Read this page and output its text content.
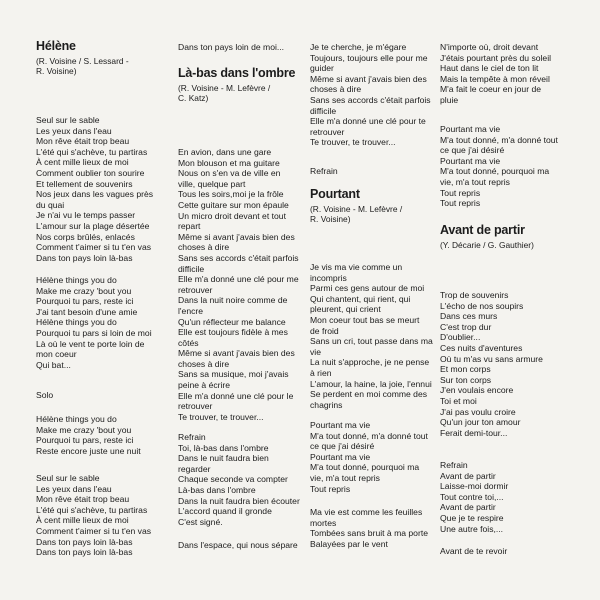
Hélène
(R. Voisine / S. Lessard -
R. Voisine)
Seul sur le sable
Les yeux dans l'eau
Mon rêve était trop beau
L'été qui s'achève, tu partiras
À cent mille lieux de moi
Comment oublier ton sourire
Et tellement de souvenirs
Nos jeux dans les vagues près
du quai
Je n'ai vu le temps passer
L'amour sur la plage désertée
Nos corps brûlés, enlacés
Comment t'aimer si tu t'en vas
Dans ton pays loin là-bas
Hélène things you do
Make me crazy 'bout you
Pourquoi tu pars, reste ici
J'ai tant besoin d'une amie
Hélène things you do
Pourquoi tu pars si loin de moi
Là où le vent te porte loin de
mon coeur
Qui bat...
Solo
Hélène things you do
Make me crazy 'bout you
Pourquoi tu pars, reste ici
Reste encore juste une nuit
Seul sur le sable
Les yeux dans l'eau
Mon rêve était trop beau
L'été qui s'achève, tu partiras
À cent mille lieux de moi
Comment t'aimer si tu t'en vas
Dans ton pays loin là-bas
Dans ton pays loin là-bas
Dans ton pays loin de moi...
Là-bas dans l'ombre
(R. Voisine - M. Lefèvre /
C. Katz)
En avion, dans une gare
Mon blouson et ma guitare
Nous on s'en va de ville en
ville, quelque part
Tous les soirs,moi je la frôle
Cette guitare sur mon épaule
Un micro droit devant et tout
repart
Même si avant j'avais bien des
choses à dire
Sans ses accords c'était parfois
difficile
Elle m'a donné une clé pour me
retrouver
Dans la nuit noire comme de
l'encre
Qu'un réflecteur me balance
Elle est toujours fidèle à mes
côtés
Même si avant j'avais bien des
choses à dire
Sans sa musique, moi j'avais
peine à écrire
Elle m'a donné une clé pour le
retrouver
Te trouver, te trouver...
Refrain
Toi, là-bas dans l'ombre
Dans le nuit faudra bien
regarder
Chaque seconde va compter
Là-bas dans l'ombre
Dans la nuit faudra bien écouter
L'accord quand il gronde
C'est signé.
Dans l'espace, qui nous sépare
Je te cherche, je m'égare
Toujours, toujours elle pour me
guider
Même si avant j'avais bien des
choses à dire
Sans ses accords c'était parfois
difficile
Elle m'a donné une clé pour te
retrouver
Te trouver, te trouver...
Refrain
Pourtant
(R. Voisine - M. Lefèvre /
R. Voisine)
Je vis ma vie comme un
incompris
Parmi ces gens autour de moi
Qui chantent, qui rient, qui
pleurent, qui crient
Mon coeur tout bas se meurt
de froid
Sans un cri, tout passe dans ma
vie
La nuit s'approche, je ne pense
à rien
L'amour, la haine, la joie, l'ennui
Se perdent en moi comme des
chagrins
Pourtant ma vie
M'a tout donné, m'a donné tout
ce que j'ai désiré
Pourtant ma vie
M'a tout donné, pourquoi ma
vie, m'a tout repris
Tout repris
Ma vie est comme les feuilles
mortes
Tombées sans bruit à ma porte
Balayées par le vent
N'importe où, droit devant
J'étais pourtant près du soleil
Haut dans le ciel de ton lit
Mais la tempête à mon réveil
M'a fait le coeur en jour de
pluie
Pourtant ma vie
M'a tout donné, m'a donné tout
ce que j'ai désiré
Pourtant ma vie
M'a tout donné, pourquoi ma
vie, m'a tout repris
Tout repris
Tout repris
Avant de partir
(Y. Décarie / G. Gauthier)
Trop de souvenirs
L'écho de nos soupirs
Dans ces murs
C'est trop dur
D'oublier...
Ces nuits d'aventures
Où tu m'as vu sans armure
Et mon corps
Sur ton corps
J'en voulais encore
Toi et moi
J'ai pas voulu croire
Qu'un jour ton amour
Ferait demi-tour...
Refrain
Avant de partir
Laisse-moi dormir
Tout contre toi,...
Avant de partir
Que je te respire
Une autre fois,...
Avant de te revoir
